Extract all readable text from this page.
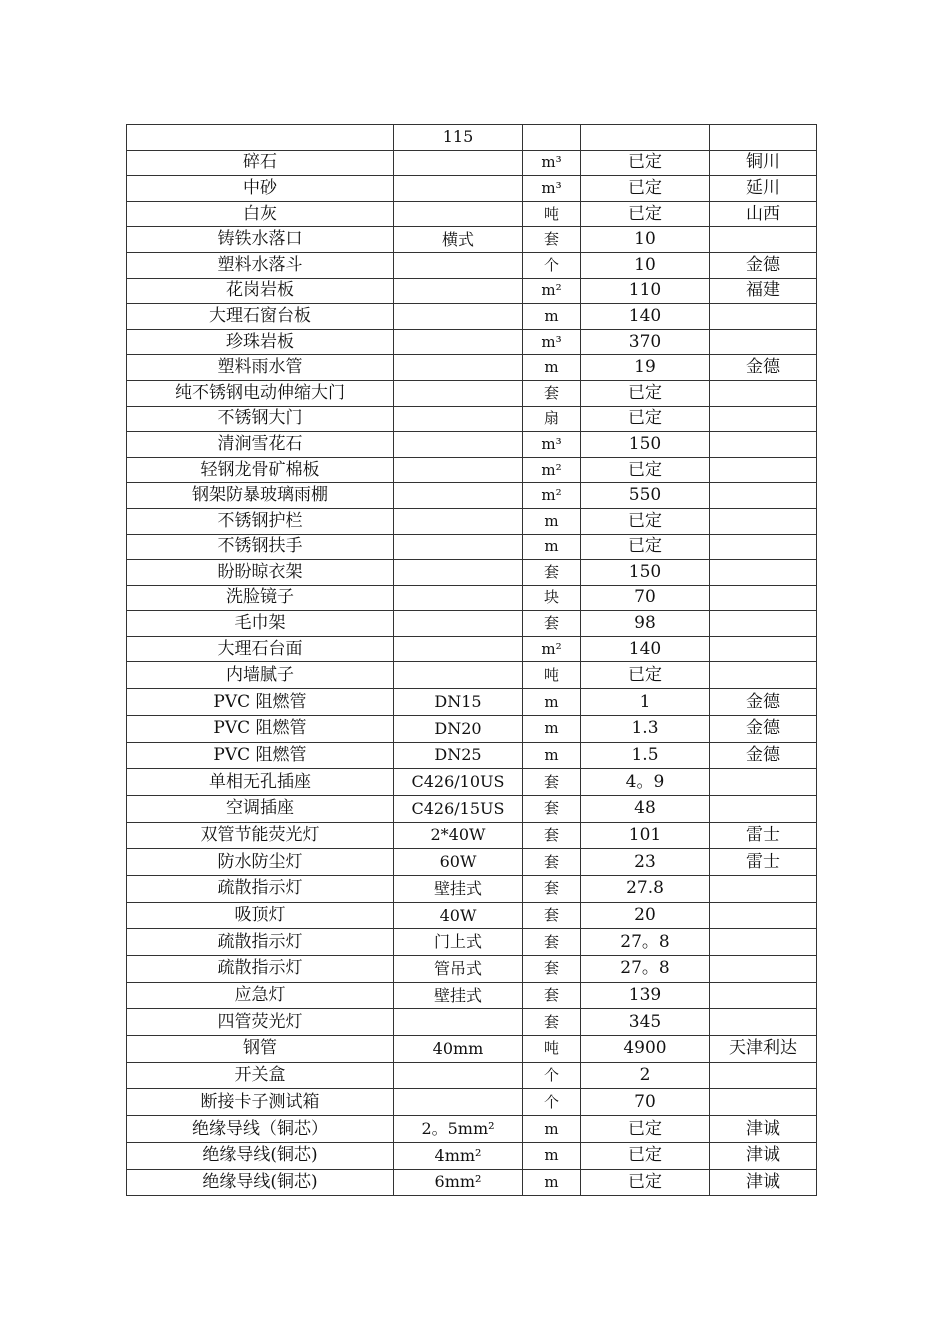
	115			
碎石		m³	已定	铜川
中砂		m³	已定	延川
白灰		吨	已定	山西
铸铁水落口	横式	套	10	
塑料水落斗		个	10	金德
花岗岩板		m²	110	福建
大理石窗台板		m	140	
珍珠岩板		m³	370	
塑料雨水管		m	19	金德
纯不锈钢电动伸缩大门		套	已定	
不锈钢大门		扇	已定	
清涧雪花石		m³	150	
轻钢龙骨矿棉板		m²	已定	
钢架防暴玻璃雨棚		m²	550	
不锈钢护栏		m	已定	
不锈钢扶手		m	已定	
盼盼晾衣架		套	150	
洗脸镜子		块	70	
毛巾架		套	98	
大理石台面		m²	140	
内墙腻子		吨	已定	
PVC 阻燃管	DN15	m	1	金德
PVC 阻燃管	DN20	m	1.3	金德
PVC 阻燃管	DN25	m	1.5	金德
单相无孔插座	C426/10US	套	4。9	
空调插座	C426/15US	套	48	
双管节能荧光灯	2*40W	套	101	雷士
防水防尘灯	60W	套	23	雷士
疏散指示灯	壁挂式	套	27.8	
吸顶灯	40W	套	20	
疏散指示灯	门上式	套	27。8	
疏散指示灯	管吊式	套	27。8	
应急灯	壁挂式	套	139	
四管荧光灯		套	345	
钢管	40mm	吨	4900	天津利达
开关盒		个	2	
断接卡子测试箱		个	70	
绝缘导线（铜芯）	2。5mm²	m	已定	津诚
绝缘导线(铜芯)	4mm²	m	已定	津诚
绝缘导线(铜芯)	6mm²	m	已定	津诚
